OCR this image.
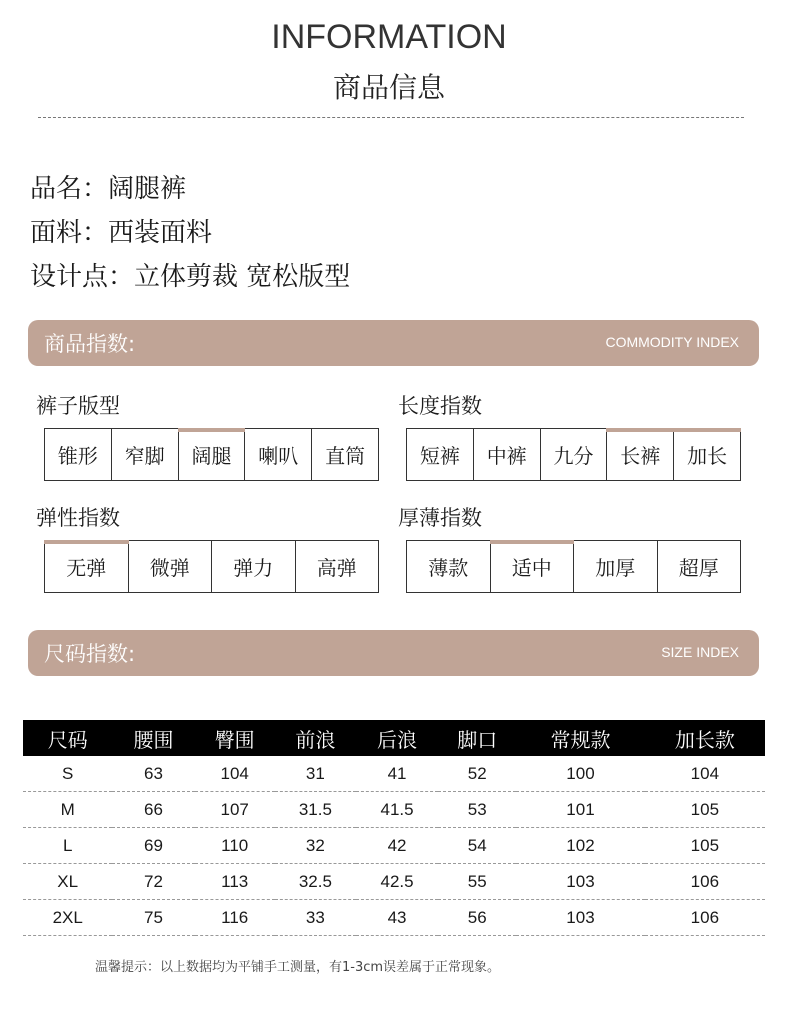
INFORMATION
商品信息
品名：阔腿裤
面料：西装面料
设计点：立体剪裁 宽松版型
商品指数:	COMMODITY INDEX
裤子版型
锥形	窄脚	阔腿	喇叭	直筒
长度指数
短裤	中裤	九分	长裤	加长
弹性指数
无弹	微弹	弹力	高弹
厚薄指数
薄款	适中	加厚	超厚
尺码指数:	SIZE INDEX
尺码	腰围	臀围	前浪	后浪	脚口	常规款	加长款
S	63	104	31	41	52	100	104
M	66	107	31.5	41.5	53	101	105
L	69	110	32	42	54	102	105
XL	72	113	32.5	42.5	55	103	106
2XL	75	116	33	43	56	103	106
温馨提示：以上数据均为平铺手工测量，有1-3cm误差属于正常现象。
